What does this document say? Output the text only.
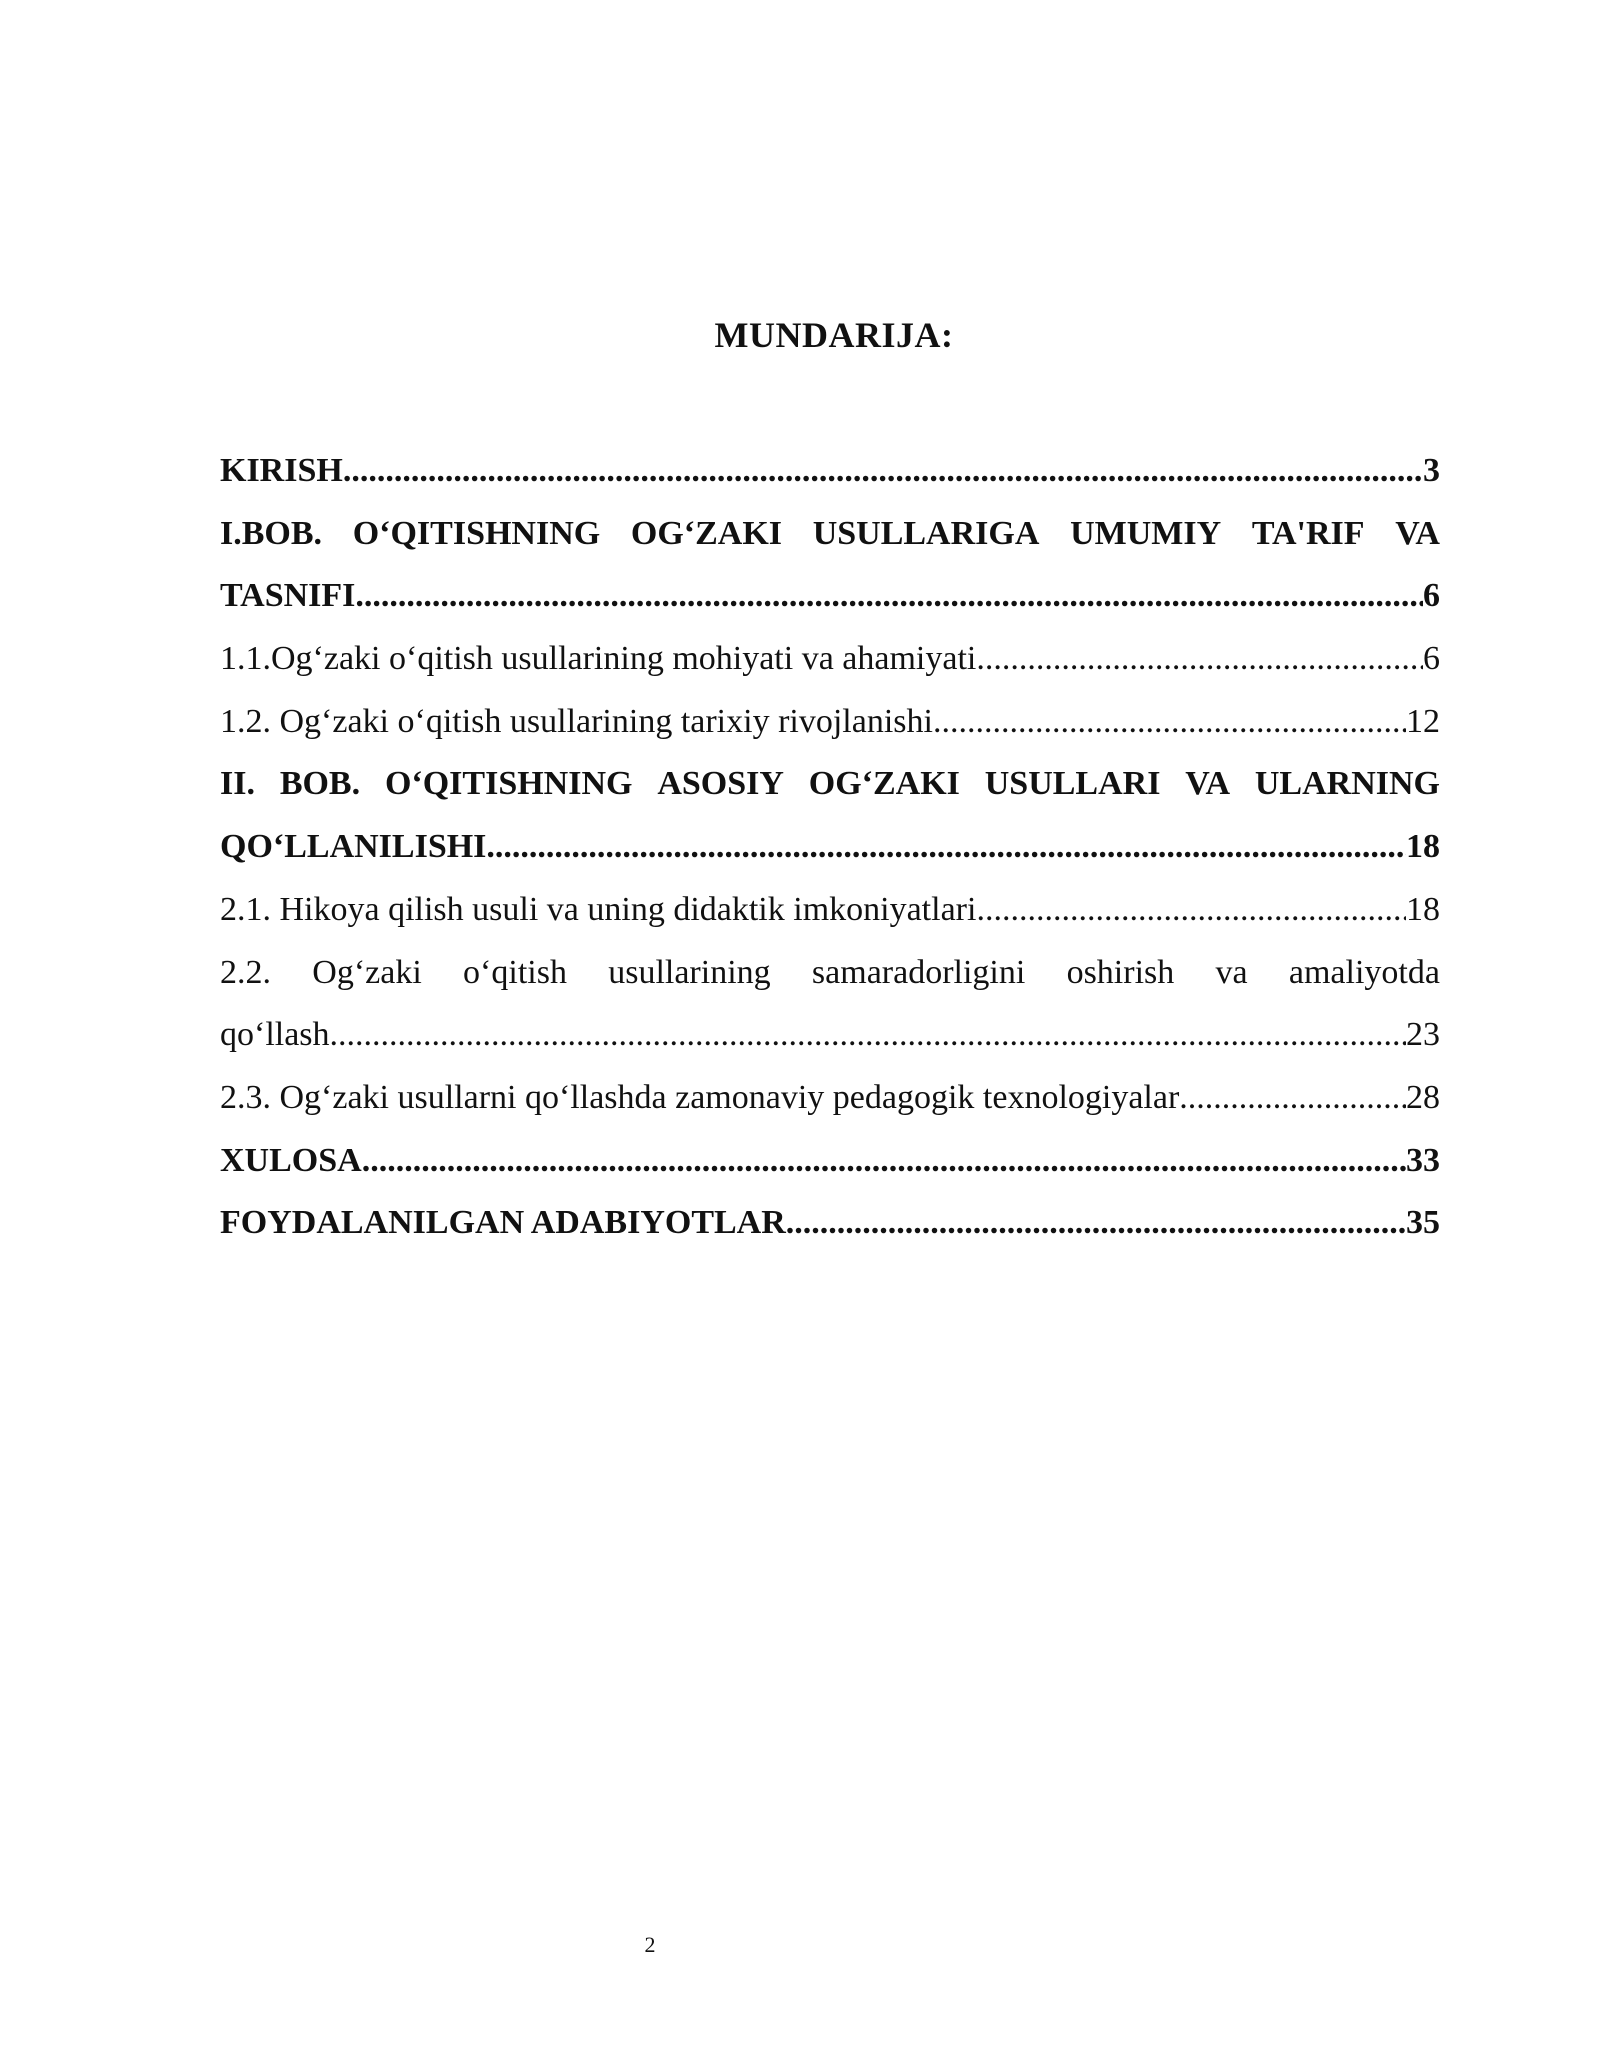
MUNDARIJA:
KIRISH .....	3
I.BOB. O‘QITISHNING OG‘ZAKI USULLARIGA UMUMIY TA'RIF VA
TASNIFI .....	6
1.1.Og‘zaki o‘qitish usullarining mohiyati va ahamiyati .....	6
1.2. Og‘zaki o‘qitish usullarining tarixiy rivojlanishi .....	12
II. BOB. O‘QITISHNING ASOSIY OG‘ZAKI USULLARI VA ULARNING
QO‘LLANILISHI .....	18
2.1. Hikoya qilish usuli va uning didaktik imkoniyatlari .....	18
2.2. Og‘zaki o‘qitish usullarining samaradorligini oshirish va amaliyotda
qo‘llash .....	23
2.3. Og‘zaki usullarni qo‘llashda zamonaviy pedagogik texnologiyalar .....	28
XULOSA .....	33
FOYDALANILGAN ADABIYOTLAR .....	35
2
